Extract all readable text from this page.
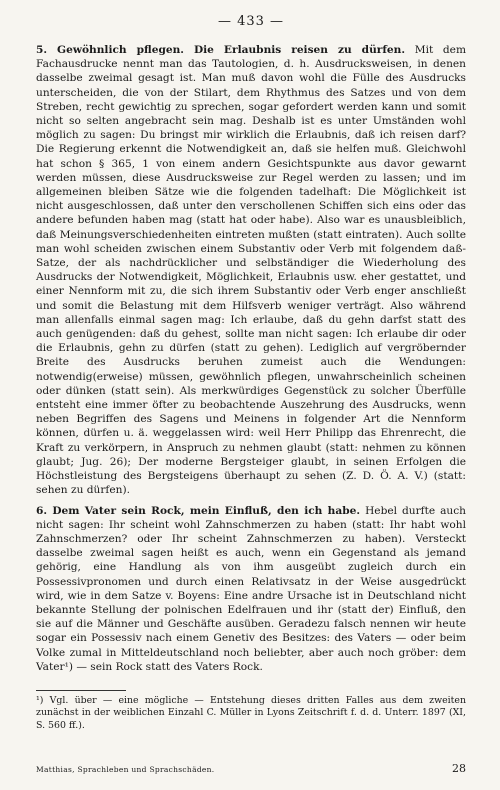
— 433 —

5. Gewöhnlich pflegen. Die Erlaubnis reisen zu dürfen. Mit dem Fachausdrucke nennt man das Tautologien, d. h. Ausdrucksweisen, in denen dasselbe zweimal gesagt ist. Man muß davon wohl die Fülle des Ausdrucks unterscheiden, die von der Stilart, dem Rhythmus des Satzes und von dem Streben, recht gewichtig zu sprechen, sogar gefordert werden kann und somit nicht so selten angebracht sein mag. Deshalb ist es unter Umständen wohl möglich zu sagen: Du bringst mir wirklich die Erlaubnis, daß ich reisen darf? Die Regierung erkennt die Notwendigkeit an, daß sie helfen muß. Gleichwohl hat schon § 365, 1 von einem andern Gesichtspunkte aus davor gewarnt werden müssen, diese Ausdrucksweise zur Regel werden zu lassen; und im allgemeinen bleiben Sätze wie die folgenden tadelhaft: Die Möglichkeit ist nicht ausgeschlossen, daß unter den verschollenen Schiffen sich eins oder das andere befunden haben mag (statt hat oder habe). Also war es unausbleiblich, daß Meinungsverschiedenheiten eintreten mußten (statt eintraten). Auch sollte man wohl scheiden zwischen einem Substantiv oder Verb mit folgendem daß-Satze, der als nachdrücklicher und selbständiger die Wiederholung des Ausdrucks der Notwendigkeit, Möglichkeit, Erlaubnis usw. eher gestattet, und einer Nennform mit zu, die sich ihrem Substantiv oder Verb enger anschließt und somit die Belastung mit dem Hilfsverb weniger verträgt. Also während man allenfalls einmal sagen mag: Ich erlaube, daß du gehn darfst statt des auch genügenden: daß du gehest, sollte man nicht sagen: Ich erlaube dir oder die Erlaubnis, gehn zu dürfen (statt zu gehen). Lediglich auf vergröbernder Breite des Ausdrucks beruhen zumeist auch die Wendungen: notwendig(erweise) müssen, gewöhnlich pflegen, unwahrscheinlich scheinen oder dünken (statt sein). Als merkwürdiges Gegenstück zu solcher Überfülle entsteht eine immer öfter zu beobachtende Auszehrung des Ausdrucks, wenn neben Begriffen des Sagens und Meinens in folgender Art die Nennform können, dürfen u. ä. weggelassen wird: weil Herr Philipp das Ehrenrecht, die Kraft zu verkörpern, in Anspruch zu nehmen glaubt (statt: nehmen zu können glaubt; Jug. 26); Der moderne Bergsteiger glaubt, in seinen Erfolgen die Höchstleistung des Bergsteigens überhaupt zu sehen (Z. D. Ö. A. V.) (statt: sehen zu dürfen).

6. Dem Vater sein Rock, mein Einfluß, den ich habe. Hebel durfte auch nicht sagen: Ihr scheint wohl Zahnschmerzen zu haben (statt: Ihr habt wohl Zahnschmerzen? oder Ihr scheint Zahnschmerzen zu haben). Versteckt dasselbe zweimal sagen heißt es auch, wenn ein Gegenstand als jemand gehörig, eine Handlung als von ihm ausgeübt zugleich durch ein Possessivpronomen und durch einen Relativsatz in der Weise ausgedrückt wird, wie in dem Satze v. Boyens: Eine andre Ursache ist in Deutschland nicht bekannte Stellung der polnischen Edelfrauen und ihr (statt der) Einfluß, den sie auf die Männer und Geschäfte ausüben. Geradezu falsch nennen wir heute sogar ein Possessiv nach einem Genetiv des Besitzes: des Vaters — oder beim Volke zumal in Mitteldeutschland noch beliebter, aber auch noch gröber: dem Vater¹) — sein Rock statt des Vaters Rock.

¹) Vgl. über — eine mögliche — Entstehung dieses dritten Falles aus dem zweiten zunächst in der weiblichen Einzahl C. Müller in Lyons Zeitschrift f. d. d. Unterr. 1897 (XI, S. 560 ff.).

Matthias, Sprachleben und Sprachschäden.	28
